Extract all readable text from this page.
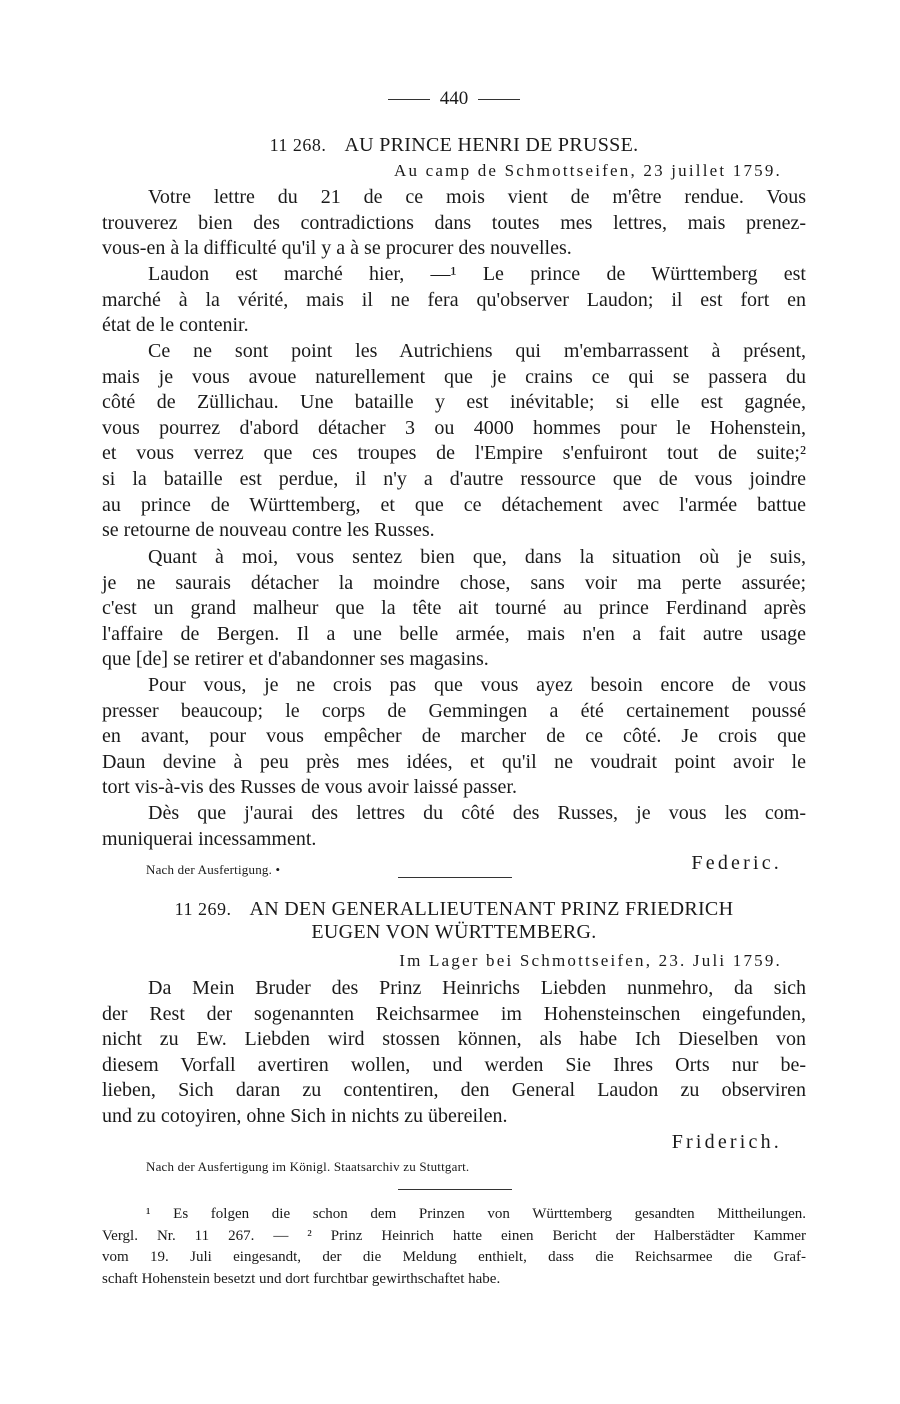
440
11 268. AU PRINCE HENRI DE PRUSSE.
Au camp de Schmottseifen, 23 juillet 1759.
Votre lettre du 21 de ce mois vient de m'être rendue. Vous
trouverez bien des contradictions dans toutes mes lettres, mais prenez-
vous-en à la difficulté qu'il y a à se procurer des nouvelles.
Laudon est marché hier, —¹ Le prince de Württemberg est
marché à la vérité, mais il ne fera qu'observer Laudon; il est fort en
état de le contenir.
Ce ne sont point les Autrichiens qui m'embarrassent à présent,
mais je vous avoue naturellement que je crains ce qui se passera du
côté de Züllichau. Une bataille y est inévitable; si elle est gagnée,
vous pourrez d'abord détacher 3 ou 4000 hommes pour le Hohenstein,
et vous verrez que ces troupes de l'Empire s'enfuiront tout de suite;²
si la bataille est perdue, il n'y a d'autre ressource que de vous joindre
au prince de Württemberg, et que ce détachement avec l'armée battue
se retourne de nouveau contre les Russes.
Quant à moi, vous sentez bien que, dans la situation où je suis,
je ne saurais détacher la moindre chose, sans voir ma perte assurée;
c'est un grand malheur que la tête ait tourné au prince Ferdinand après
l'affaire de Bergen. Il a une belle armée, mais n'en a fait autre usage
que [de] se retirer et d'abandonner ses magasins.
Pour vous, je ne crois pas que vous ayez besoin encore de vous
presser beaucoup; le corps de Gemmingen a été certainement poussé
en avant, pour vous empêcher de marcher de ce côté. Je crois que
Daun devine à peu près mes idées, et qu'il ne voudrait point avoir le
tort vis-à-vis des Russes de vous avoir laissé passer.
Dès que j'aurai des lettres du côté des Russes, je vous les com-
muniquerai incessamment.
Nach der Ausfertigung. •	Federic.
11 269. AN DEN GENERALLIEUTENANT PRINZ FRIEDRICH
EUGEN VON WÜRTTEMBERG.
Im Lager bei Schmottseifen, 23. Juli 1759.
Da Mein Bruder des Prinz Heinrichs Liebden nunmehro, da sich
der Rest der sogenannten Reichsarmee im Hohensteinschen eingefunden,
nicht zu Ew. Liebden wird stossen können, als habe Ich Dieselben von
diesem Vorfall avertiren wollen, und werden Sie Ihres Orts nur be-
lieben, Sich daran zu contentiren, den General Laudon zu observiren
und zu cotoyiren, ohne Sich in nichts zu übereilen.
Friderich.
Nach der Ausfertigung im Königl. Staatsarchiv zu Stuttgart.
¹ Es folgen die schon dem Prinzen von Württemberg gesandten Mittheilungen.
Vergl. Nr. 11 267. — ² Prinz Heinrich hatte einen Bericht der Halberstädter Kammer
vom 19. Juli eingesandt, der die Meldung enthielt, dass die Reichsarmee die Graf-
schaft Hohenstein besetzt und dort furchtbar gewirthschaftet habe.
